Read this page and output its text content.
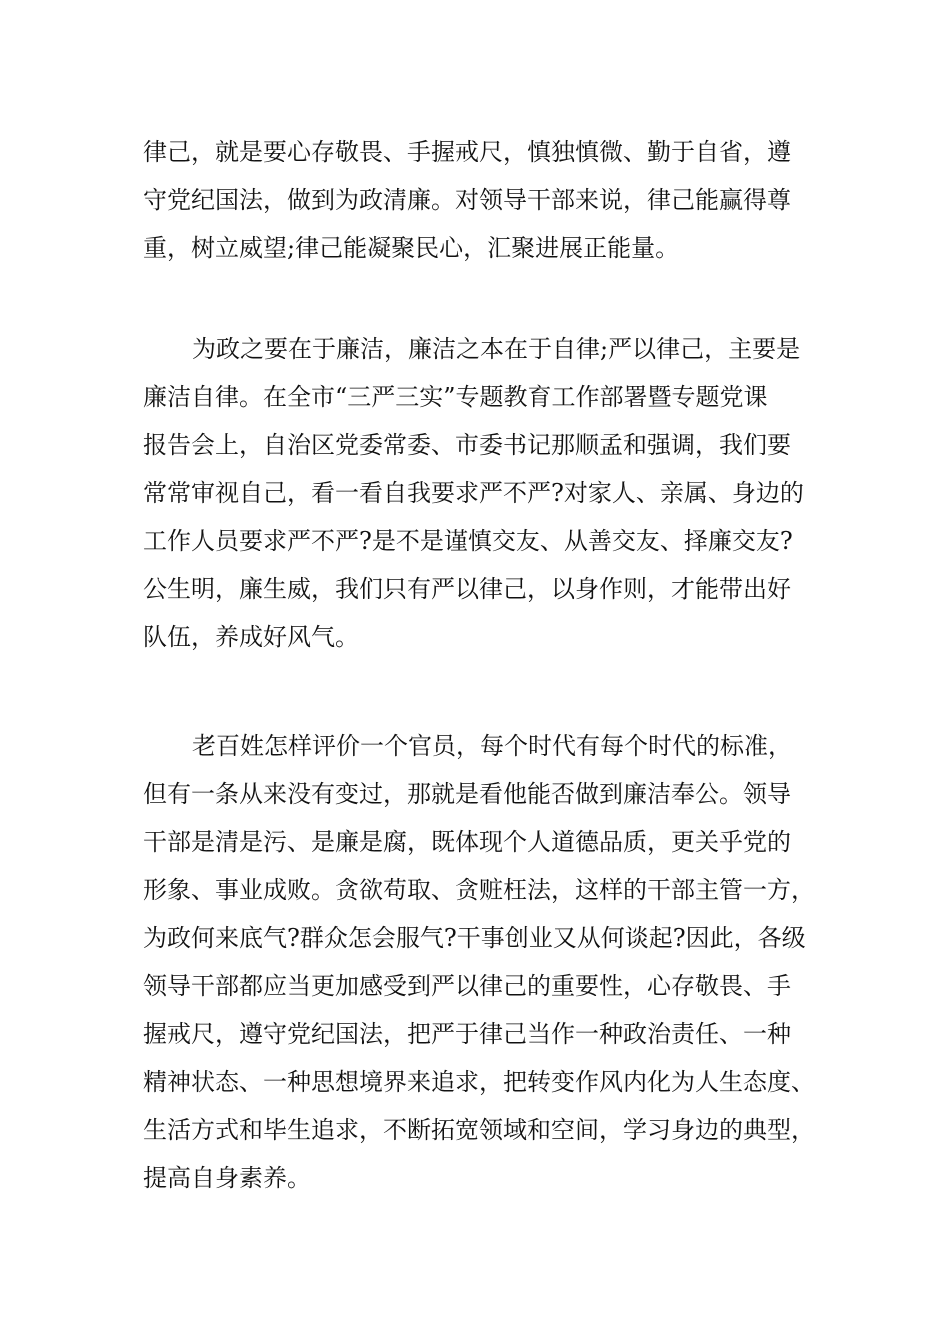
律己，就是要心存敬畏、手握戒尺，慎独慎微、勤于自省，遵
守党纪国法，做到为政清廉。对领导干部来说，律己能赢得尊
重，树立威望;律己能凝聚民心，汇聚进展正能量。
为政之要在于廉洁，廉洁之本在于自律;严以律己，主要是
廉洁自律。在全市“三严三实”专题教育工作部署暨专题党课
报告会上，自治区党委常委、市委书记那顺孟和强调，我们要
常常审视自己，看一看自我要求严不严?对家人、亲属、身边的
工作人员要求严不严?是不是谨慎交友、从善交友、择廉交友?
公生明，廉生威，我们只有严以律己，以身作则，才能带出好
队伍，养成好风气。
老百姓怎样评价一个官员，每个时代有每个时代的标准，
但有一条从来没有变过，那就是看他能否做到廉洁奉公。领导
干部是清是污、是廉是腐，既体现个人道德品质，更关乎党的
形象、事业成败。贪欲苟取、贪赃枉法，这样的干部主管一方，
为政何来底气?群众怎会服气?干事创业又从何谈起?因此，各级
领导干部都应当更加感受到严以律己的重要性，心存敬畏、手
握戒尺，遵守党纪国法，把严于律己当作一种政治责任、一种
精神状态、一种思想境界来追求，把转变作风内化为人生态度、
生活方式和毕生追求，不断拓宽领域和空间，学习身边的典型，
提高自身素养。
